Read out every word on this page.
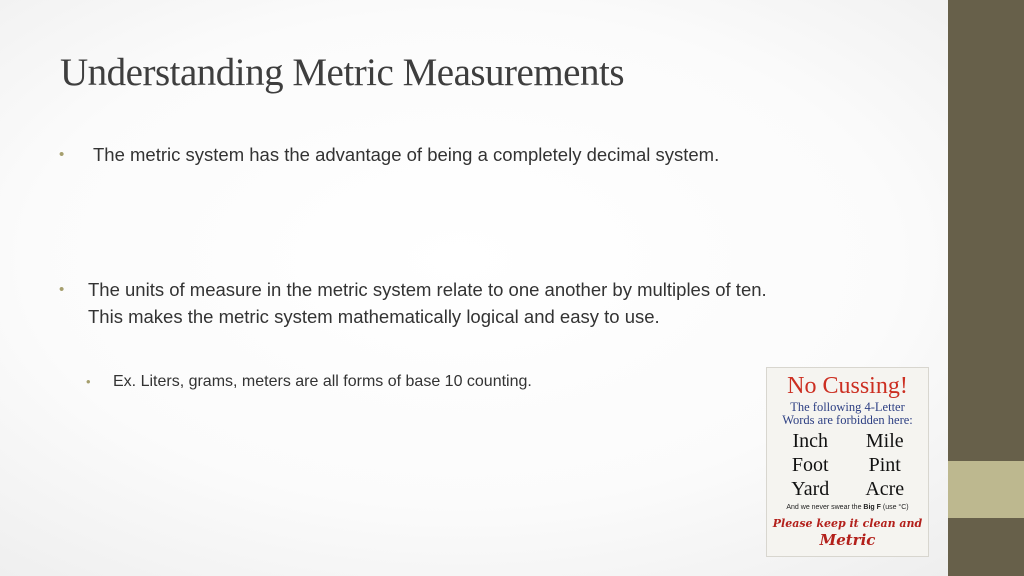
Understanding Metric Measurements
• The metric system has the advantage of being a completely decimal system.
• The units of measure in the metric system relate to one another by multiples of ten.
This makes the metric system mathematically logical and easy to use.
• Ex. Liters, grams, meters are all forms of base 10 counting.	No Cussing!
The following 4-Letter
Words are forbidden here:
Inch	Mile
Foot	Pint
Yard	Acre
And we never swear the Big F (use °C)
Please keep it clean and
Metric
